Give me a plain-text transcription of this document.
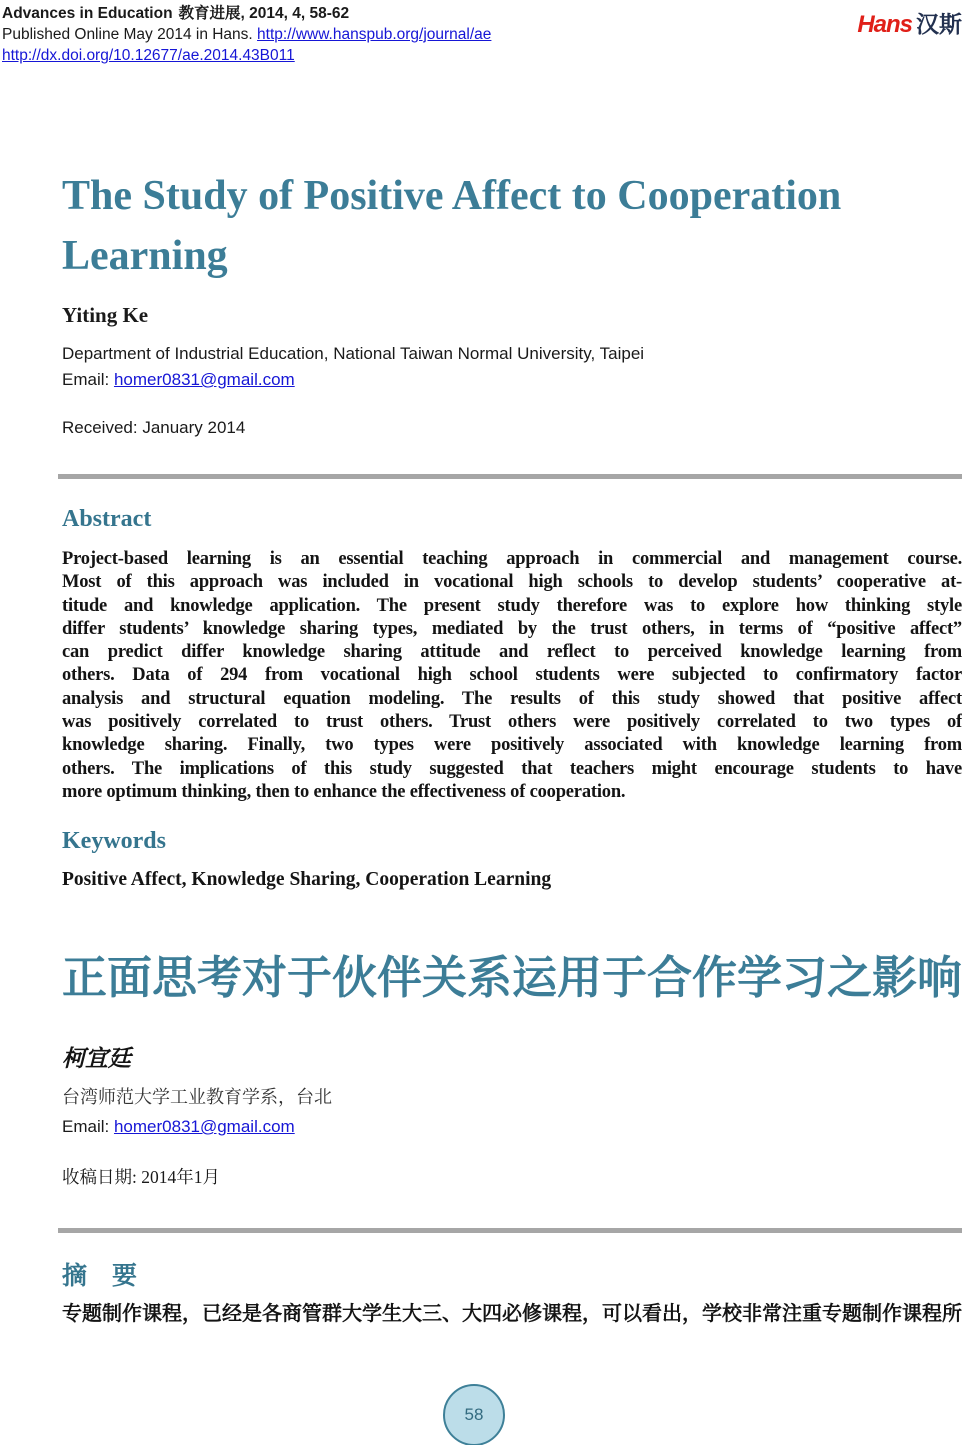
Advances in Education 教育进展, 2014, 4, 58-62
Published Online May 2014 in Hans. http://www.hanspub.org/journal/ae
http://dx.doi.org/10.12677/ae.2014.43B011
Hans 汉斯
The Study of Positive Affect to Cooperation Learning
Yiting Ke
Department of Industrial Education, National Taiwan Normal University, Taipei
Email: homer0831@gmail.com
Received: January 2014
Abstract
Project-based learning is an essential teaching approach in commercial and management course.
Most of this approach was included in vocational high schools to develop students’ cooperative at-
titude and knowledge application. The present study therefore was to explore how thinking style
differ students’ knowledge sharing types, mediated by the trust others, in terms of “positive affect”
can predict differ knowledge sharing attitude and reflect to perceived knowledge learning from
others. Data of 294 from vocational high school students were subjected to confirmatory factor
analysis and structural equation modeling. The results of this study showed that positive affect
was positively correlated to trust others. Trust others were positively correlated to two types of
knowledge sharing. Finally, two types were positively associated with knowledge learning from
others. The implications of this study suggested that teachers might encourage students to have
more optimum thinking, then to enhance the effectiveness of cooperation.
Keywords
Positive Affect, Knowledge Sharing, Cooperation Learning
正面思考对于伙伴关系运用于合作学习之影响
柯宜廷
台湾师范大学工业教育学系，台北
Email: homer0831@gmail.com
收稿日期: 2014年1月
摘　要
专题制作课程，已经是各商管群大学生大三、大四必修课程，可以看出，学校非常注重专题制作课程所
58
